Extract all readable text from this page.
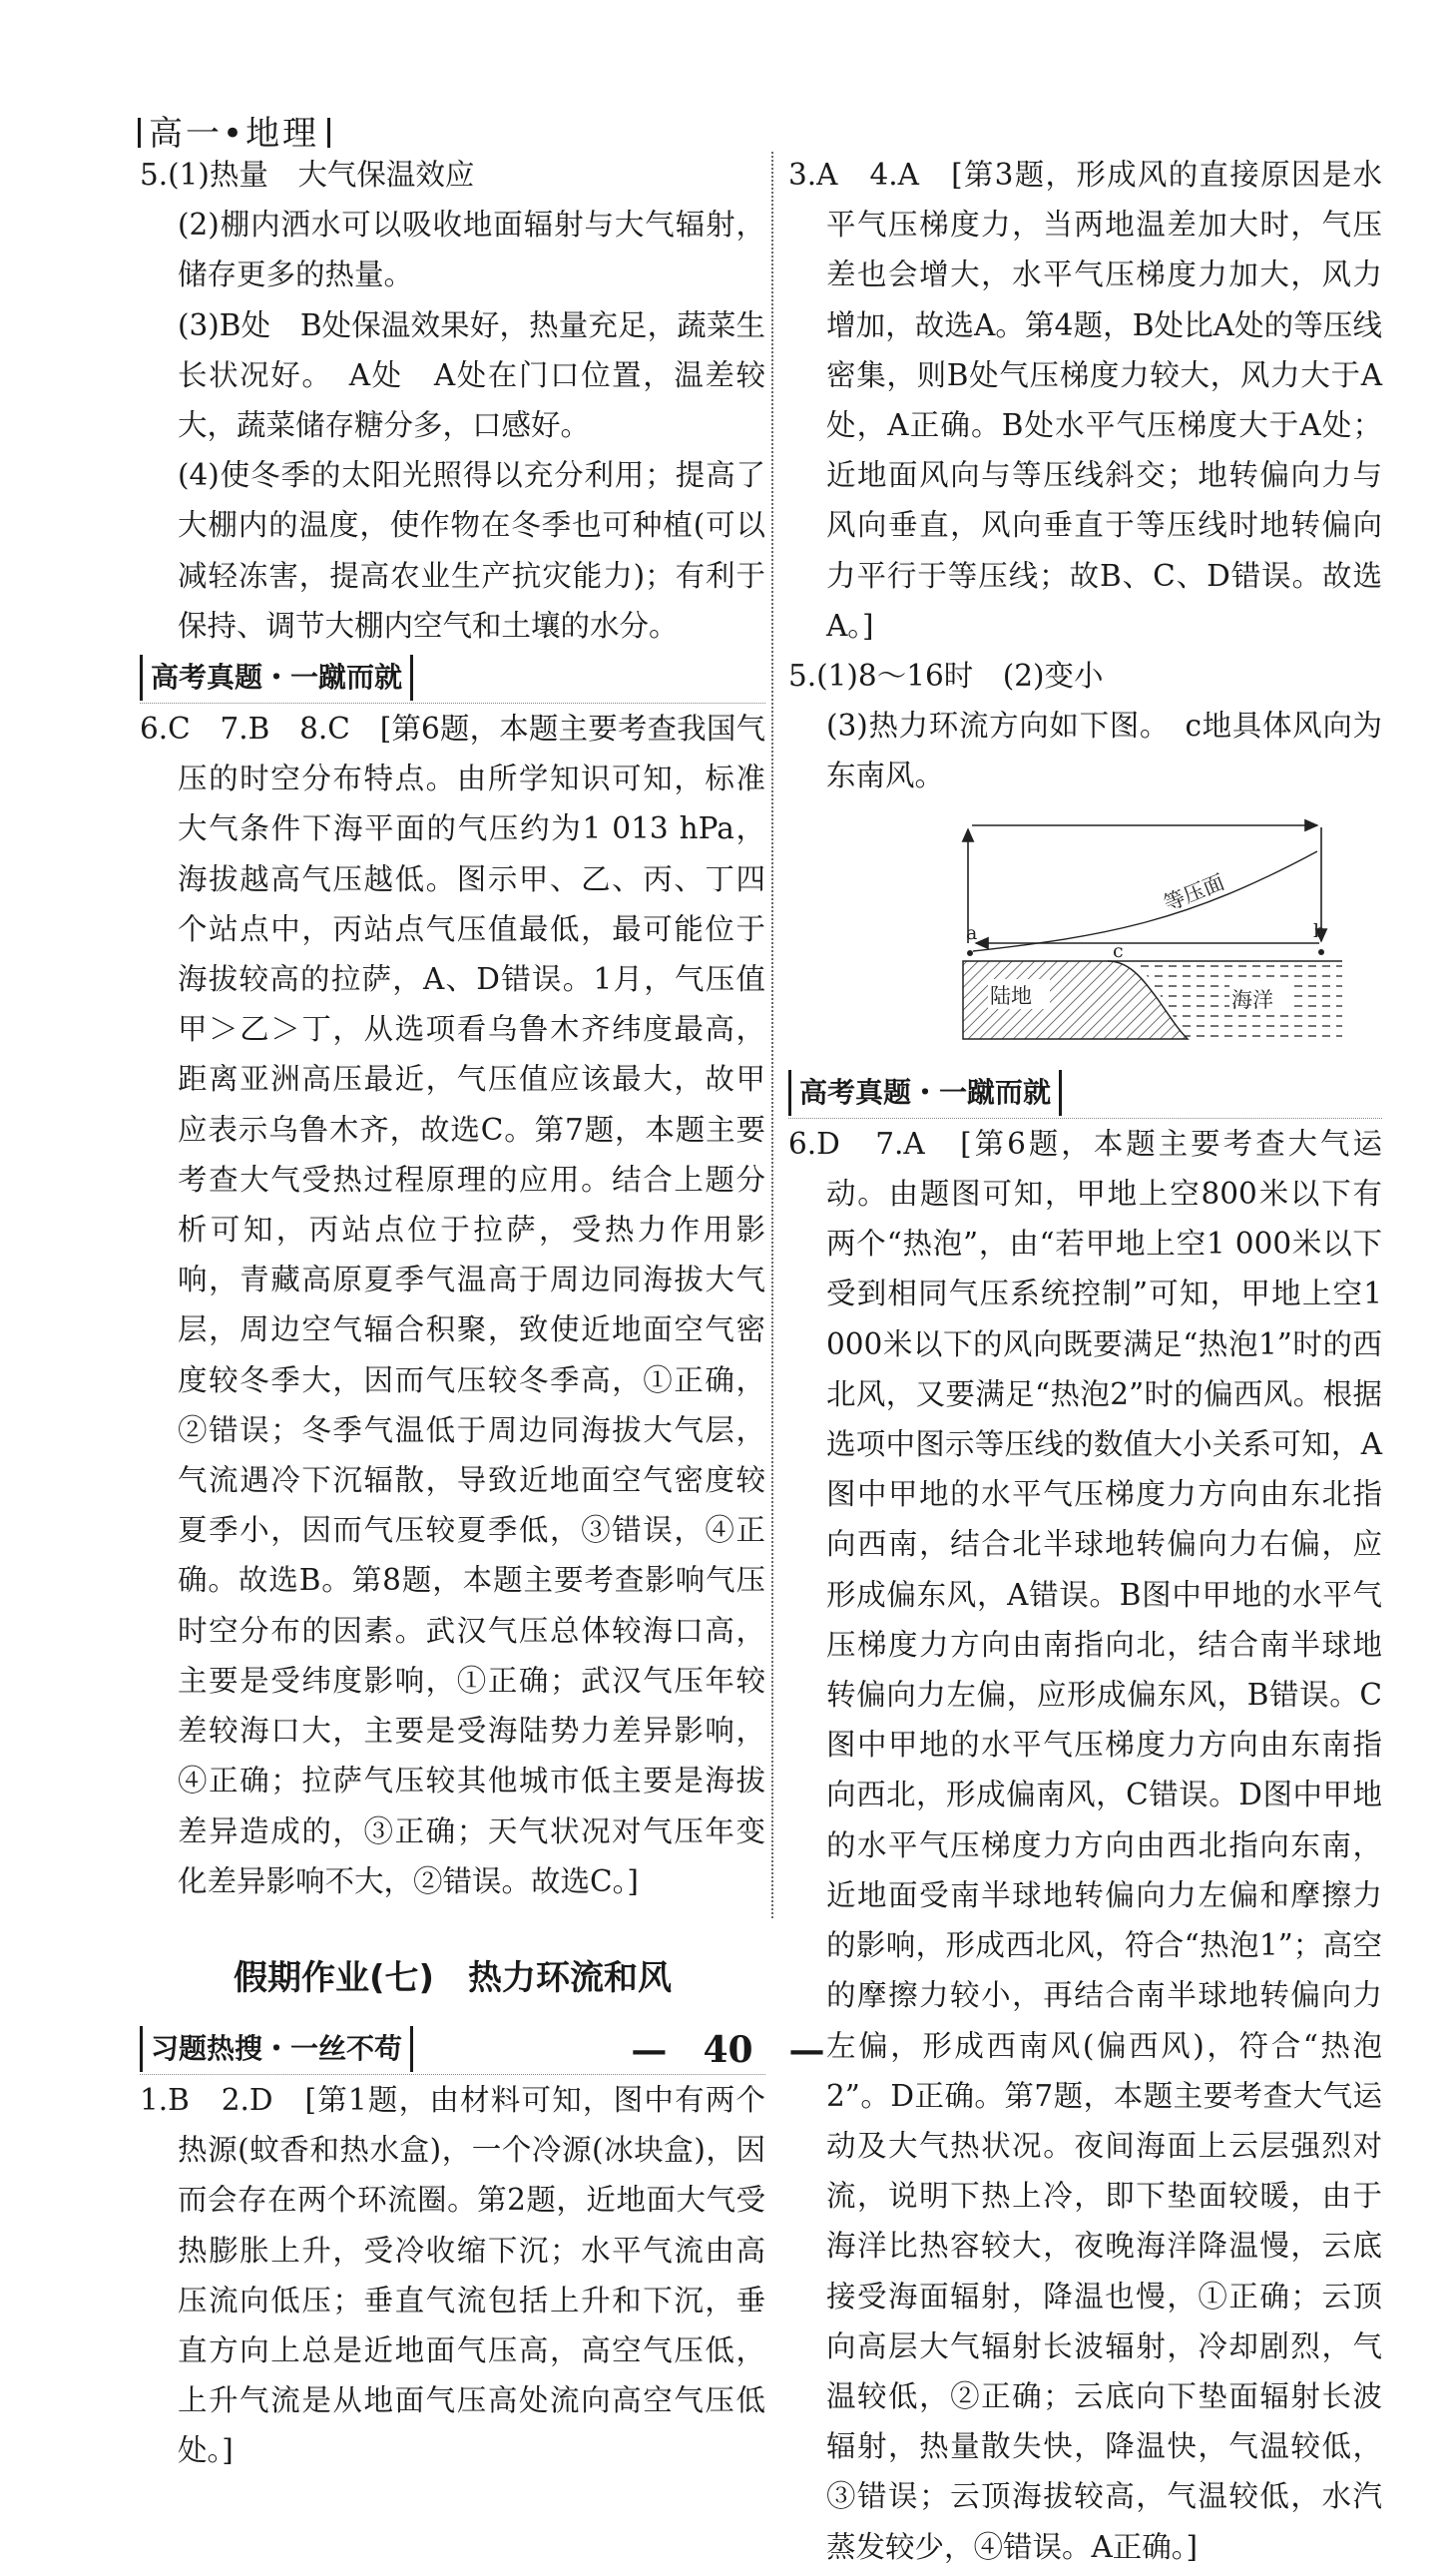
高一•地理

5.(1)热量　大气保温效应

(2)棚内洒水可以吸收地面辐射与大气辐射，储存更多的热量。

(3)B处　B处保温效果好，热量充足，蔬菜生长状况好。　A处　A处在门口位置，温差较大，蔬菜储存糖分多，口感好。

(4)使冬季的太阳光照得以充分利用；提高了大棚内的温度，使作物在冬季也可种植(可以减轻冻害，提高农业生产抗灾能力)；有利于保持、调节大棚内空气和土壤的水分。

高考真题・一蹴而就

6.C　7.B　8.C　[第6题，本题主要考查我国气压的时空分布特点。由所学知识可知，标准大气条件下海平面的气压约为1 013 hPa，海拔越高气压越低。图示甲、乙、丙、丁四个站点中，丙站点气压值最低，最可能位于海拔较高的拉萨，A、D错误。1月，气压值甲＞乙＞丁，从选项看乌鲁木齐纬度最高，距离亚洲高压最近，气压值应该最大，故甲应表示乌鲁木齐，故选C。第7题，本题主要考查大气受热过程原理的应用。结合上题分析可知，丙站点位于拉萨，受热力作用影响，青藏高原夏季气温高于周边同海拔大气层，周边空气辐合积聚，致使近地面空气密度较冬季大，因而气压较冬季高，①正确，②错误；冬季气温低于周边同海拔大气层，气流遇冷下沉辐散，导致近地面空气密度较夏季小，因而气压较夏季低，③错误，④正确。故选B。第8题，本题主要考查影响气压时空分布的因素。武汉气压总体较海口高，主要是受纬度影响，①正确；武汉气压年较差较海口大，主要是受海陆势力差异影响，④正确；拉萨气压较其他城市低主要是海拔差异造成的，③正确；天气状况对气压年变化差异影响不大，②错误。故选C。]

假期作业(七)　热力环流和风
习题热搜・一丝不苟

1.B　2.D　[第1题，由材料可知，图中有两个热源(蚊香和热水盒)，一个冷源(冰块盒)，因而会存在两个环流圈。第2题，近地面大气受热膨胀上升，受冷收缩下沉；水平气流由高压流向低压；垂直气流包括上升和下沉，垂直方向上总是近地面气压高，高空气压低，上升气流是从地面气压高处流向高空气压低处。]

3.A　4.A　[第3题，形成风的直接原因是水平气压梯度力，当两地温差加大时，气压差也会增大，水平气压梯度力加大，风力增加，故选A。第4题，B处比A处的等压线密集，则B处气压梯度力较大，风力大于A处，A正确。B处水平气压梯度大于A处；近地面风向与等压线斜交；地转偏向力与风向垂直，风向垂直于等压线时地转偏向力平行于等压线；故B、C、D错误。故选A。]

5.(1)8～16时　(2)变小

(3)热力环流方向如下图。　c地具体风向为东南风。

等压面
a	b
c
陆地	海洋
高考真题・一蹴而就

6.D　7.A　[第6题，本题主要考查大气运动。由题图可知，甲地上空800米以下有两个“热泡”，由“若甲地上空1 000米以下受到相同气压系统控制”可知，甲地上空1 000米以下的风向既要满足“热泡1”时的西北风，又要满足“热泡2”时的偏西风。根据选项中图示等压线的数值大小关系可知，A图中甲地的水平气压梯度力方向由东北指向西南，结合北半球地转偏向力右偏，应形成偏东风，A错误。B图中甲地的水平气压梯度力方向由南指向北，结合南半球地转偏向力左偏，应形成偏东风，B错误。C图中甲地的水平气压梯度力方向由东南指向西北，形成偏南风，C错误。D图中甲地的水平气压梯度力方向由西北指向东南，近地面受南半球地转偏向力左偏和摩擦力的影响，形成西北风，符合“热泡1”；高空的摩擦力较小，再结合南半球地转偏向力左偏，形成西南风(偏西风)，符合“热泡2”。D正确。第7题，本题主要考查大气运动及大气热状况。夜间海面上云层强烈对流，说明下热上冷，即下垫面较暖，由于海洋比热容较大，夜晚海洋降温慢，云底接受海面辐射，降温也慢，①正确；云顶向高层大气辐射长波辐射，冷却剧烈，气温较低，②正确；云底向下垫面辐射长波辐射，热量散失快，降温快，气温较低，③错误；云顶海拔较高，气温较低，水汽蒸发较少，④错误。A正确。]

—　40　—
